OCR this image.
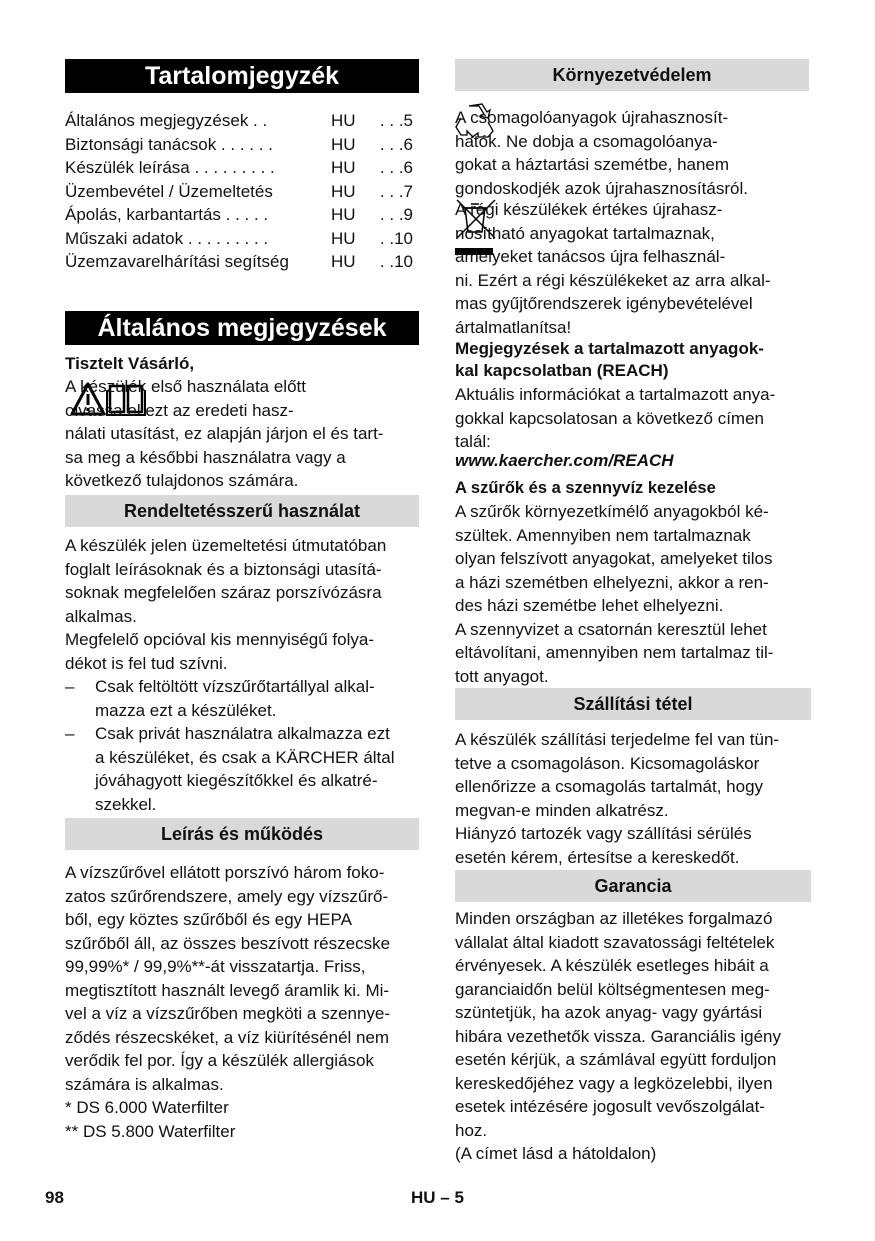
Tartalomjegyzék
Általános megjegyzések . .	HU	. . .5
Biztonsági tanácsok . . . . . .	HU	. . .6
Készülék leírása . . . . . . . . .	HU	. . .6
Üzembevétel / Üzemeltetés	HU	. . .7
Ápolás, karbantartás . . . . .	HU	. . .9
Műszaki adatok . . . . . . . . .	HU	. .10
Üzemzavarelhárítási segítség	HU	. .10
Általános megjegyzések
Tisztelt Vásárló,
A készülék első használata előtt
olvassa el ezt az eredeti hasz-
nálati utasítást, ez alapján járjon el és tart-
sa meg a későbbi használatra vagy a
következő tulajdonos számára.
Rendeltetésszerű használat
A készülék jelen üzemeltetési útmutatóban
foglalt leírásoknak és a biztonsági utasítá-
soknak megfelelően száraz porszívózásra
alkalmas.
Megfelelő opcióval kis mennyiségű folya-
dékot is fel tud szívni.
– Csak feltöltött vízszűrőtartállyal alkal-
mazza ezt a készüléket.
– Csak privát használatra alkalmazza ezt
a készüléket, és csak a KÄRCHER által
jóváhagyott kiegészítőkkel és alkatré-
szekkel.
Leírás és működés
A vízszűrővel ellátott porszívó három foko-
zatos szűrőrendszere, amely egy vízszűrő-
ből, egy köztes szűrőből és egy HEPA
szűrőből áll, az összes beszívott részecske
99,99%* / 99,9%**-át visszatartja. Friss,
megtisztított használt levegő áramlik ki. Mi-
vel a víz a vízszűrőben megköti a szennye-
ződés részecskéket, a víz kiürítésénél nem
verődik fel por. Így a készülék allergiások
számára is alkalmas.
* DS 6.000 Waterfilter
** DS 5.800 Waterfilter
Környezetvédelem
A csomagolóanyagok újrahasznosít-
hatók. Ne dobja a csomagolóanya-
gokat a háztartási szemétbe, hanem
gondoskodjék azok újrahasznosításról.
A régi készülékek értékes újrahasz-
nosítható anyagokat tartalmaznak,
amelyeket tanácsos újra felhasznál-
ni. Ezért a régi készülékeket az arra alkal-
mas gyűjtőrendszerek igénybevételével
ártalmatlanítsa!
Megjegyzések a tartalmazott anyagok-
kal kapcsolatban (REACH)
Aktuális információkat a tartalmazott anya-
gokkal kapcsolatosan a következő címen
talál:
www.kaercher.com/REACH
A szűrők és a szennyvíz kezelése
A szűrők környezetkímélő anyagokból ké-
szültek. Amennyiben nem tartalmaznak
olyan felszívott anyagokat, amelyeket tilos
a házi szemétben elhelyezni, akkor a ren-
des házi szemétbe lehet elhelyezni.
A szennyvizet a csatornán keresztül lehet
eltávolítani, amennyiben nem tartalmaz til-
tott anyagot.
Szállítási tétel
A készülék szállítási terjedelme fel van tün-
tetve a csomagoláson. Kicsomagoláskor
ellenőrizze a csomagolás tartalmát, hogy
megvan-e minden alkatrész.
Hiányzó tartozék vagy szállítási sérülés
esetén kérem, értesítse a kereskedőt.
Garancia
Minden országban az illetékes forgalmazó
vállalat által kiadott szavatossági feltételek
érvényesek. A készülék esetleges hibáit a
garanciaidőn belül költségmentesen meg-
szüntetjük, ha azok anyag- vagy gyártási
hibára vezethetők vissza. Garanciális igény
esetén kérjük, a számlával együtt forduljon
kereskedőjéhez vagy a legközelebbi, ilyen
esetek intézésére jogosult vevőszolgálat-
hoz.
(A címet lásd a hátoldalon)
98	HU – 5
